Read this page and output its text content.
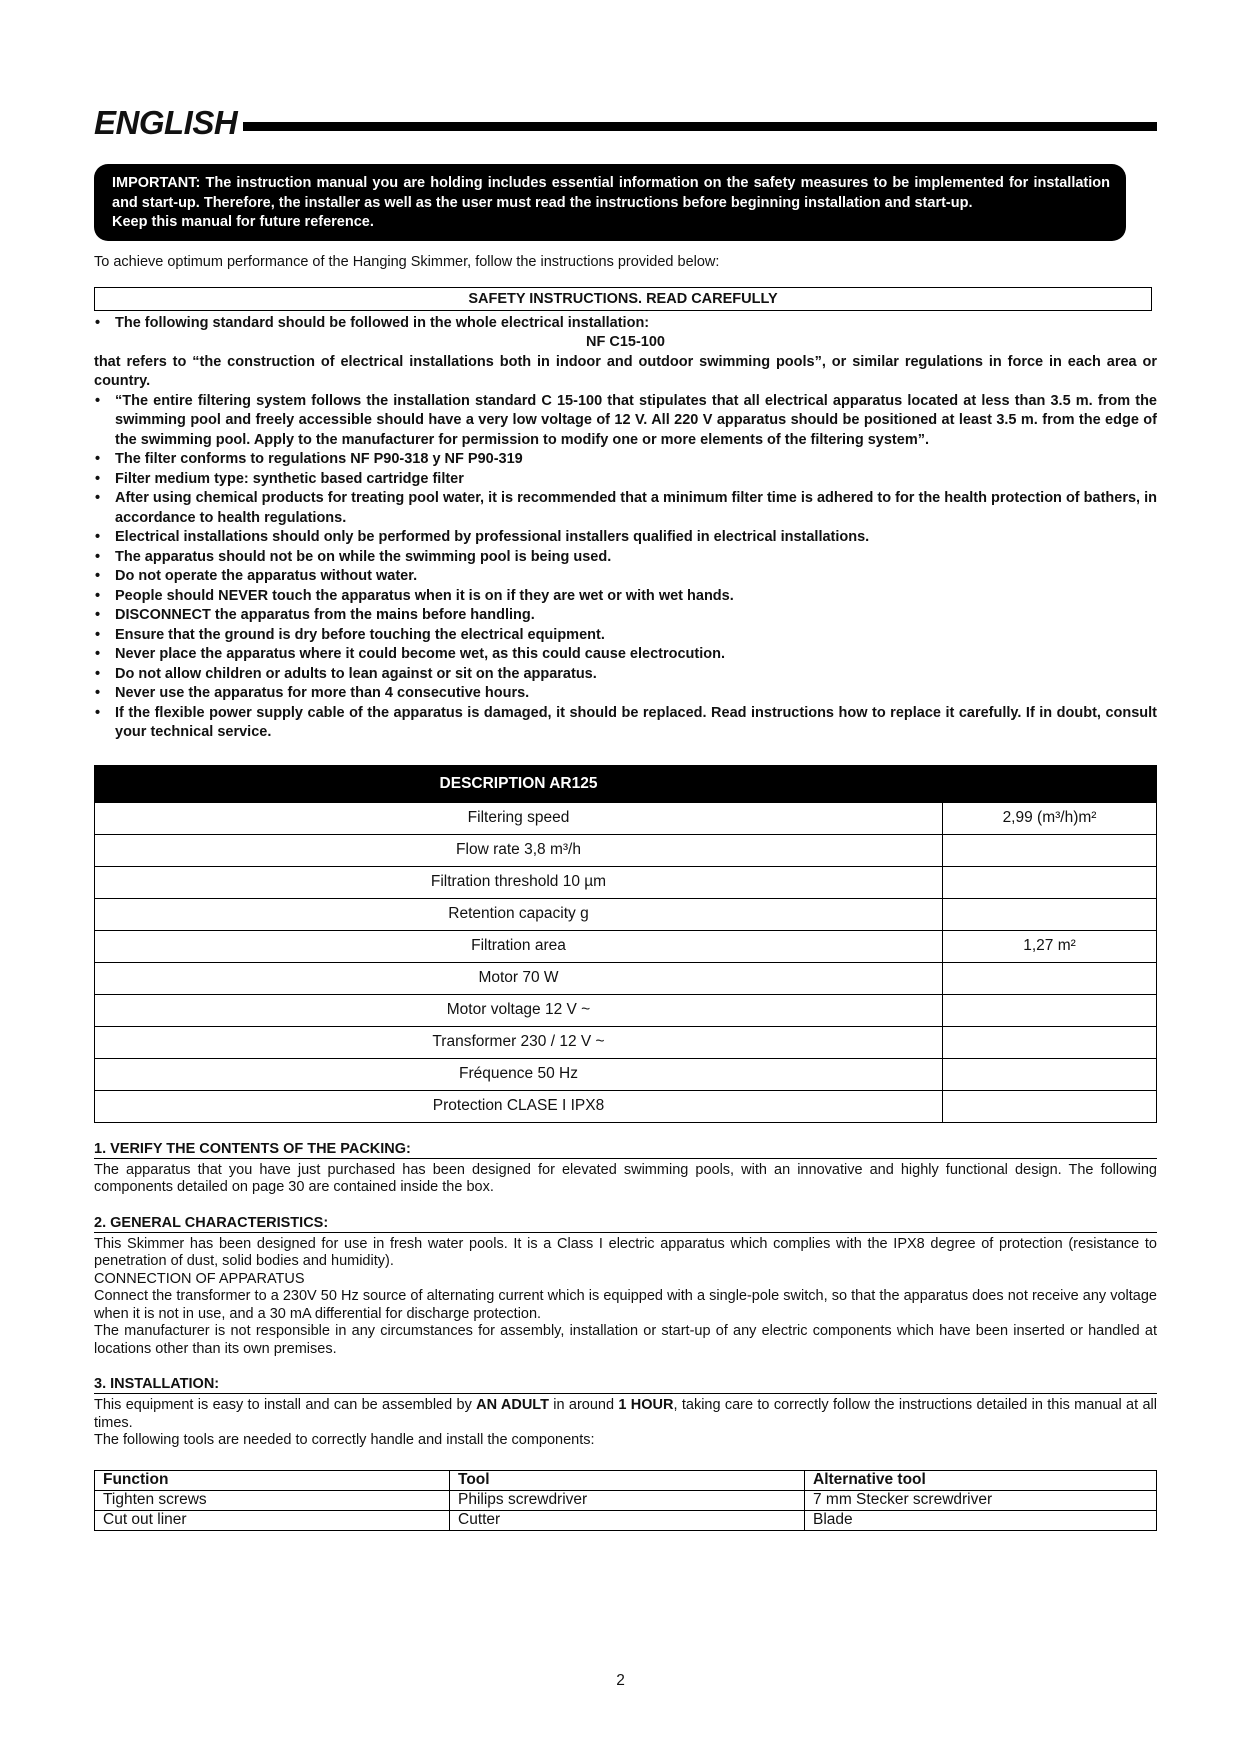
ENGLISH

IMPORTANT: The instruction manual you are holding includes essential information on the safety measures to be implemented for installation and start-up. Therefore, the installer as well as the user must read the instructions before beginning installation and start-up.

Keep this manual for future reference.

To achieve optimum performance of the Hanging Skimmer, follow the instructions provided below:
SAFETY INSTRUCTIONS. READ CAREFULLY
•	The following standard should be followed in the whole electrical installation:
NF C15-100

that refers to “the construction of electrical installations both in indoor and outdoor swimming pools”, or similar regulations in force in each area or country.

•	“The entire filtering system follows the installation standard C 15-100 that stipulates that all electrical apparatus located at less than 3.5 m. from the swimming pool and freely accessible should have a very low voltage of 12 V. All 220 V apparatus should be positioned at least 3.5 m. from the edge of the swimming pool. Apply to the manufacturer for permission to modify one or more elements of the filtering system”.
•	The filter conforms to regulations NF P90-318 y NF P90-319
•	Filter medium type: synthetic based cartridge filter
•	After using chemical products for treating pool water, it is recommended that a minimum filter time is adhered to for the health protection of bathers, in accordance to health regulations.
•	Electrical installations should only be performed by professional installers qualified in electrical installations.
•	The apparatus should not be on while the swimming pool is being used.
•	Do not operate the apparatus without water.
•	People should NEVER touch the apparatus when it is on if they are wet or with wet hands.
•	DISCONNECT the apparatus from the mains before handling.
•	Ensure that the ground is dry before touching the electrical equipment.
•	Never place the apparatus where it could become wet, as this could cause electrocution.
•	Do not allow children or adults to lean against or sit on the apparatus.
•	Never use the apparatus for more than 4 consecutive hours.
•	If the flexible power supply cable of the apparatus is damaged, it should be replaced. Read instructions how to replace it carefully. If in doubt, consult your technical service.
DESCRIPTION AR125	
Filtering speed	2,99 (m³/h)m²
Flow rate 3,8 m³/h	
Filtration threshold 10 µm	
Retention capacity g	
Filtration area	1,27 m²
Motor 70 W	
Motor voltage 12 V ~	
Transformer 230 / 12 V ~	
Fréquence 50 Hz	
Protection CLASE I IPX8	
1. VERIFY THE CONTENTS OF THE PACKING:

The apparatus that you have just purchased has been designed for elevated swimming pools, with an innovative and highly functional design. The following components detailed on page 30 are contained inside the box.

2. GENERAL CHARACTERISTICS:

This Skimmer has been designed for use in fresh water pools. It is a Class I electric apparatus which complies with the IPX8 degree of protection (resistance to penetration of dust, solid bodies and humidity).

CONNECTION OF APPARATUS

Connect the transformer to a 230V 50 Hz source of alternating current which is equipped with a single-pole switch, so that the apparatus does not receive any voltage when it is not in use, and a 30 mA differential for discharge protection.

The manufacturer is not responsible in any circumstances for assembly, installation or start-up of any electric components which have been inserted or handled at locations other than its own premises.

3. INSTALLATION:

This equipment is easy to install and can be assembled by AN ADULT in around 1 HOUR, taking care to correctly follow the instructions detailed in this manual at all times.

The following tools are needed to correctly handle and install the components:

Function	Tool	Alternative tool
Tighten screws	Philips screwdriver	7 mm Stecker screwdriver
Cut out liner	Cutter	Blade
2
